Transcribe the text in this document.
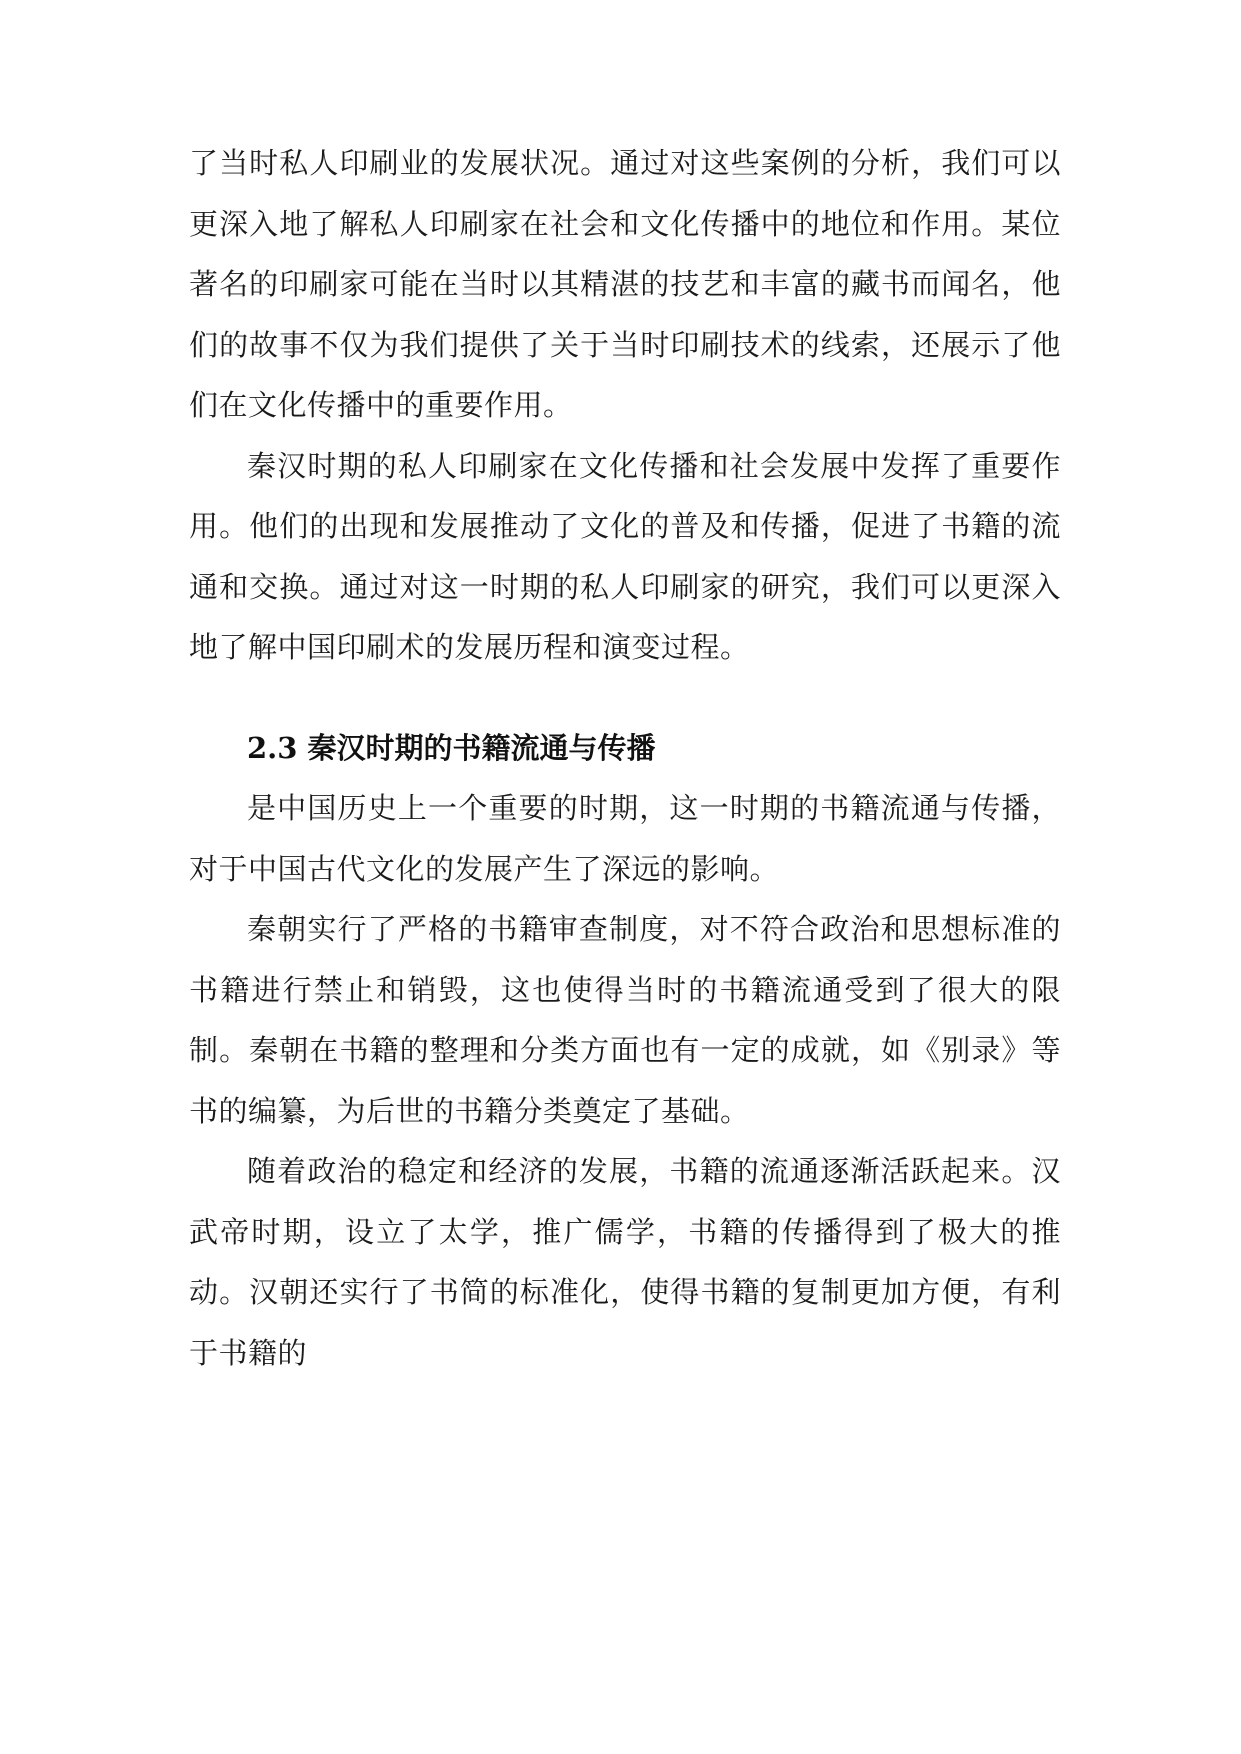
了当时私人印刷业的发展状况。通过对这些案例的分析，我们可以更深入地了解私人印刷家在社会和文化传播中的地位和作用。某位著名的印刷家可能在当时以其精湛的技艺和丰富的藏书而闻名，他们的故事不仅为我们提供了关于当时印刷技术的线索，还展示了他们在文化传播中的重要作用。

秦汉时期的私人印刷家在文化传播和社会发展中发挥了重要作用。他们的出现和发展推动了文化的普及和传播，促进了书籍的流通和交换。通过对这一时期的私人印刷家的研究，我们可以更深入地了解中国印刷术的发展历程和演变过程。

2.3 秦汉时期的书籍流通与传播

是中国历史上一个重要的时期，这一时期的书籍流通与传播，对于中国古代文化的发展产生了深远的影响。

秦朝实行了严格的书籍审查制度，对不符合政治和思想标准的书籍进行禁止和销毁，这也使得当时的书籍流通受到了很大的限制。秦朝在书籍的整理和分类方面也有一定的成就，如《别录》等书的编纂，为后世的书籍分类奠定了基础。

随着政治的稳定和经济的发展，书籍的流通逐渐活跃起来。汉武帝时期，设立了太学，推广儒学，书籍的传播得到了极大的推动。汉朝还实行了书简的标准化，使得书籍的复制更加方便，有利于书籍的
